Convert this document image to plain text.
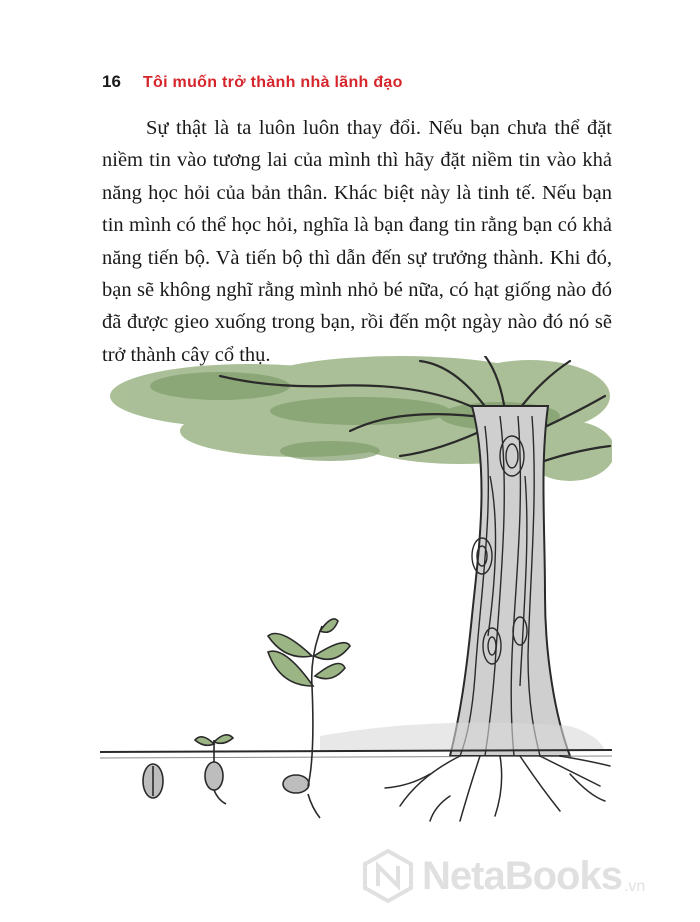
16 Tôi muốn trở thành nhà lãnh đạo

Sự thật là ta luôn luôn thay đổi. Nếu bạn chưa thể đặt niềm tin vào tương lai của mình thì hãy đặt niềm tin vào khả năng học hỏi của bản thân. Khác biệt này là tinh tế. Nếu bạn tin mình có thể học hỏi, nghĩa là bạn đang tin rằng bạn có khả năng tiến bộ. Và tiến bộ thì dẫn đến sự trưởng thành. Khi đó, bạn sẽ không nghĩ rằng mình nhỏ bé nữa, có hạt giống nào đó đã được gieo xuống trong bạn, rồi đến một ngày nào đó nó sẽ trở thành cây cổ thụ.

NetaBooks .vn
